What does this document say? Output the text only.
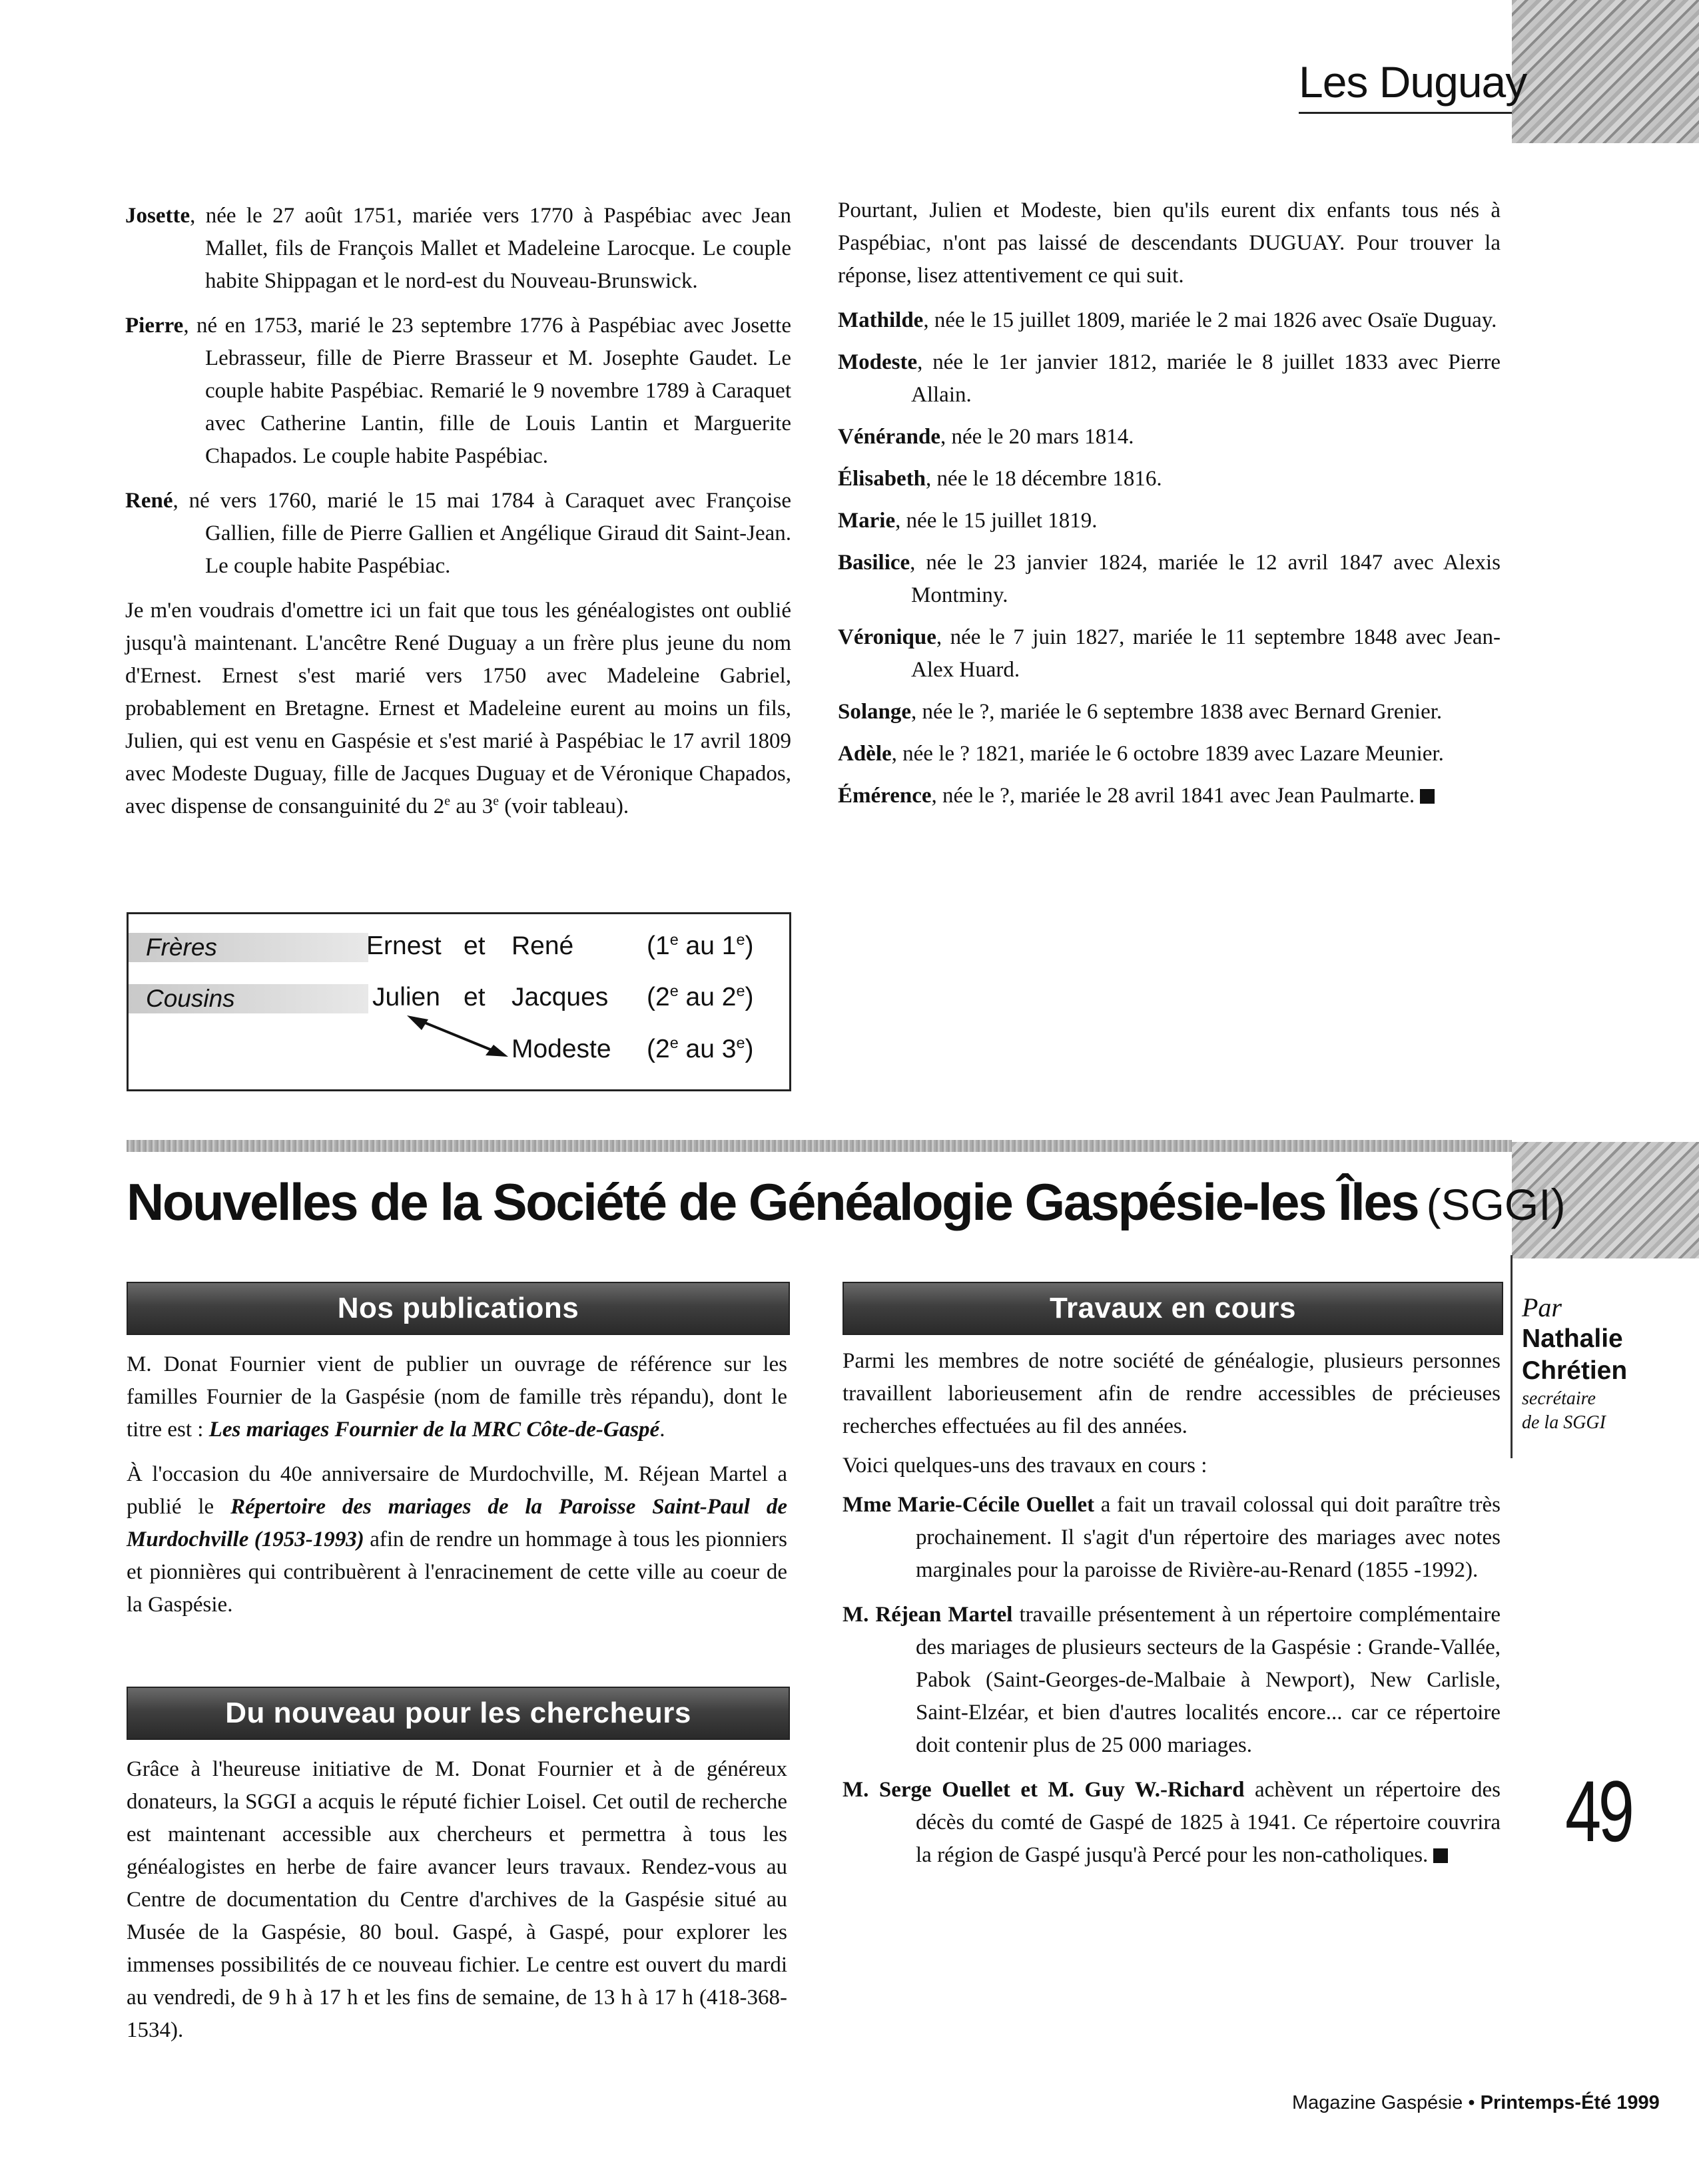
Les Duguay

Josette, née le 27 août 1751, mariée vers 1770 à Paspébiac avec Jean Mallet, fils de François Mallet et Madeleine Larocque. Le couple habite Shippagan et le nord-est du Nouveau-Brunswick.

Pierre, né en 1753, marié le 23 septembre 1776 à Paspébiac avec Josette Lebrasseur, fille de Pierre Brasseur et M. Josephte Gaudet. Le couple habite Paspébiac. Remarié le 9 novembre 1789 à Caraquet avec Catherine Lantin, fille de Louis Lantin et Marguerite Chapados. Le couple habite Paspébiac.

René, né vers 1760, marié le 15 mai 1784 à Caraquet avec Françoise Gallien, fille de Pierre Gallien et Angélique Giraud dit Saint-Jean. Le couple habite Paspébiac.

Je m'en voudrais d'omettre ici un fait que tous les généalogistes ont oublié jusqu'à maintenant. L'ancêtre René Duguay a un frère plus jeune du nom d'Ernest. Ernest s'est marié vers 1750 avec Madeleine Gabriel, probablement en Bretagne. Ernest et Madeleine eurent au moins un fils, Julien, qui est venu en Gaspésie et s'est marié à Paspébiac le 17 avril 1809 avec Modeste Duguay, fille de Jacques Duguay et de Véronique Chapados, avec dispense de consanguinité du 2e au 3e (voir tableau).

Frères
Cousins
Ernest et René	(1e au 1e)
Julien et Jacques (2e au 2e)
Modeste (2e au 3e)

Pourtant, Julien et Modeste, bien qu'ils eurent dix enfants tous nés à Paspébiac, n'ont pas laissé de descendants DUGUAY. Pour trouver la réponse, lisez attentivement ce qui suit.

Mathilde, née le 15 juillet 1809, mariée le 2 mai 1826 avec Osaïe Duguay.

Modeste, née le 1er janvier 1812, mariée le 8 juillet 1833 avec Pierre Allain.

Vénérande, née le 20 mars 1814.

Élisabeth, née le 18 décembre 1816.

Marie, née le 15 juillet 1819.

Basilice, née le 23 janvier 1824, mariée le 12 avril 1847 avec Alexis Montminy.

Véronique, née le 7 juin 1827, mariée le 11 septembre 1848 avec Jean-Alex Huard.

Solange, née le ?, mariée le 6 septembre 1838 avec Bernard Grenier.

Adèle, née le ? 1821, mariée le 6 octobre 1839 avec Lazare Meunier.

Émérence, née le ?, mariée le 28 avril 1841 avec Jean Paulmarte.

Nouvelles de la Société de Généalogie Gaspésie-les Îles (SGGI)
Par
Nathalie
Chrétien
secrétaire
de la SGGI
Nos publications

M. Donat Fournier vient de publier un ouvrage de référence sur les familles Fournier de la Gaspésie (nom de famille très répandu), dont le titre est : Les mariages Fournier de la MRC Côte-de-Gaspé.

À l'occasion du 40e anniversaire de Murdochville, M. Réjean Martel a publié le Répertoire des mariages de la Paroisse Saint-Paul de Murdochville (1953-1993) afin de rendre un hommage à tous les pionniers et pionnières qui contribuèrent à l'enracinement de cette ville au coeur de la Gaspésie.

Du nouveau pour les chercheurs

Grâce à l'heureuse initiative de M. Donat Fournier et à de généreux donateurs, la SGGI a acquis le réputé fichier Loisel. Cet outil de recherche est maintenant accessible aux chercheurs et permettra à tous les généalogistes en herbe de faire avancer leurs travaux. Rendez-vous au Centre de documentation du Centre d'archives de la Gaspésie situé au Musée de la Gaspésie, 80 boul. Gaspé, à Gaspé, pour explorer les immenses possibilités de ce nouveau fichier. Le centre est ouvert du mardi au vendredi, de 9 h à 17 h et les fins de semaine, de 13 h à 17 h (418-368-1534).

Travaux en cours

Parmi les membres de notre société de généalogie, plusieurs personnes travaillent laborieusement afin de rendre accessibles de précieuses recherches effectuées au fil des années.

Voici quelques-uns des travaux en cours :

Mme Marie-Cécile Ouellet a fait un travail colossal qui doit paraître très prochainement. Il s'agit d'un répertoire des mariages avec notes marginales pour la paroisse de Rivière-au-Renard (1855 -1992).

M. Réjean Martel travaille présentement à un répertoire complémentaire des mariages de plusieurs secteurs de la Gaspésie : Grande-Vallée, Pabok (Saint-Georges-de-Malbaie à Newport), New Carlisle, Saint-Elzéar, et bien d'autres localités encore... car ce répertoire doit contenir plus de 25 000 mariages.

M. Serge Ouellet et M. Guy W.-Richard achèvent un répertoire des décès du comté de Gaspé de 1825 à 1941. Ce répertoire couvrira la région de Gaspé jusqu'à Percé pour les non-catholiques.	49
Magazine Gaspésie • Printemps-Été 1999
